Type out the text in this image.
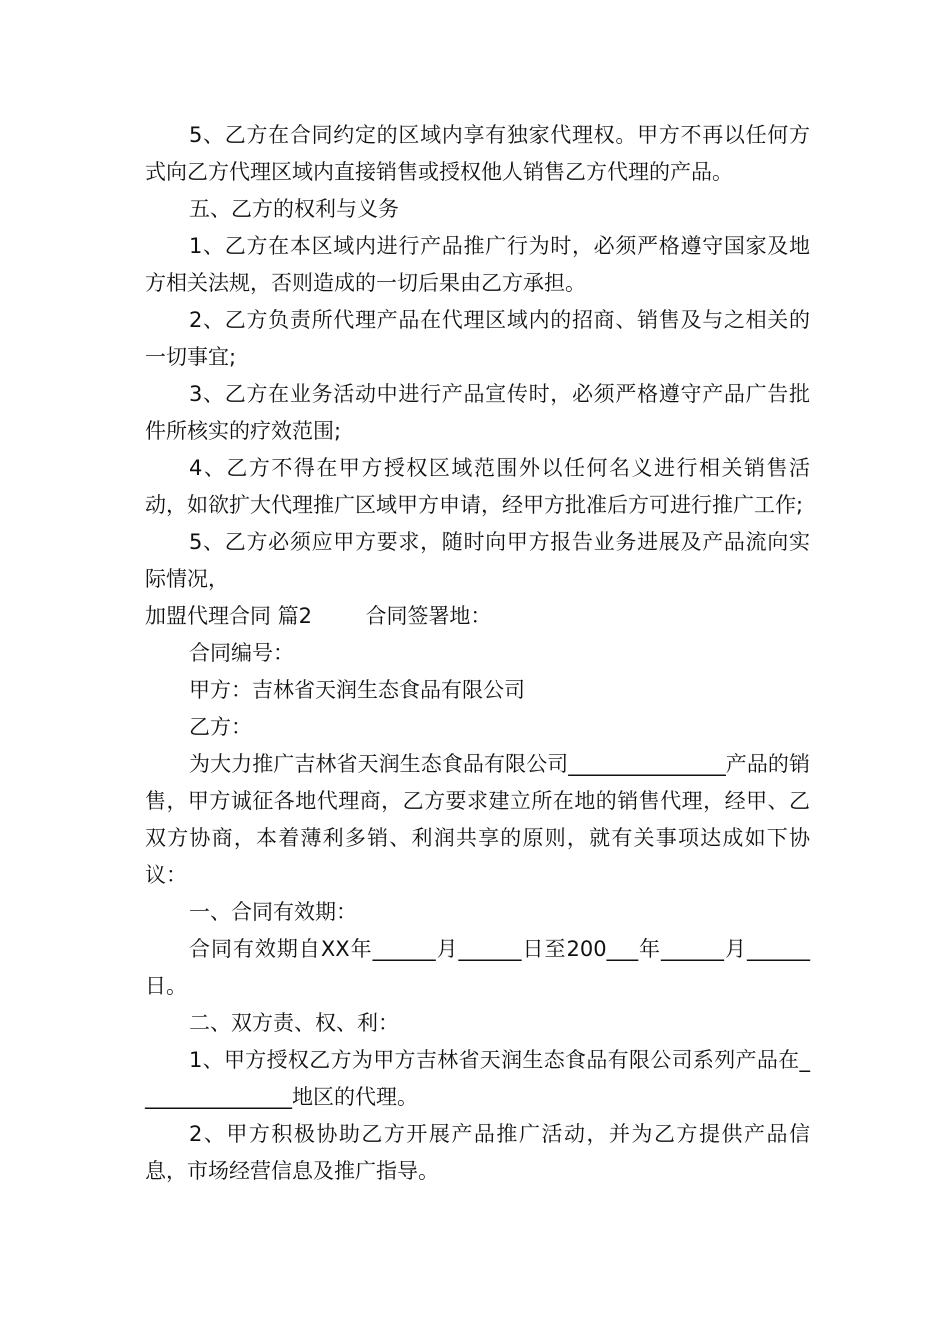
5、乙方在合同约定的区域内享有独家代理权。甲方不再以任何方式向乙方代理区域内直接销售或授权他人销售乙方代理的产品。

五、乙方的权利与义务

1、乙方在本区域内进行产品推广行为时，必须严格遵守国家及地方相关法规，否则造成的一切后果由乙方承担。

2、乙方负责所代理产品在代理区域内的招商、销售及与之相关的一切事宜;

3、乙方在业务活动中进行产品宣传时，必须严格遵守产品广告批件所核实的疗效范围;

4、乙方不得在甲方授权区域范围外以任何名义进行相关销售活动，如欲扩大代理推广区域甲方申请，经甲方批准后方可进行推广工作;

5、乙方必须应甲方要求，随时向甲方报告业务进展及产品流向实际情况，

加盟代理合同 篇2        合同签署地：

合同编号：

甲方：吉林省天润生态食品有限公司

乙方：

为大力推广吉林省天润生态食品有限公司_______________产品的销售，甲方诚征各地代理商，乙方要求建立所在地的销售代理，经甲、乙双方协商，本着薄利多销、利润共享的原则，就有关事项达成如下协议：

一、合同有效期：

合同有效期自XX年______月______日至200___年______月______日。

二、双方责、权、利：

1、甲方授权乙方为甲方吉林省天润生态食品有限公司系列产品在_______________地区的代理。

2、甲方积极协助乙方开展产品推广活动，并为乙方提供产品信息，市场经营信息及推广指导。
